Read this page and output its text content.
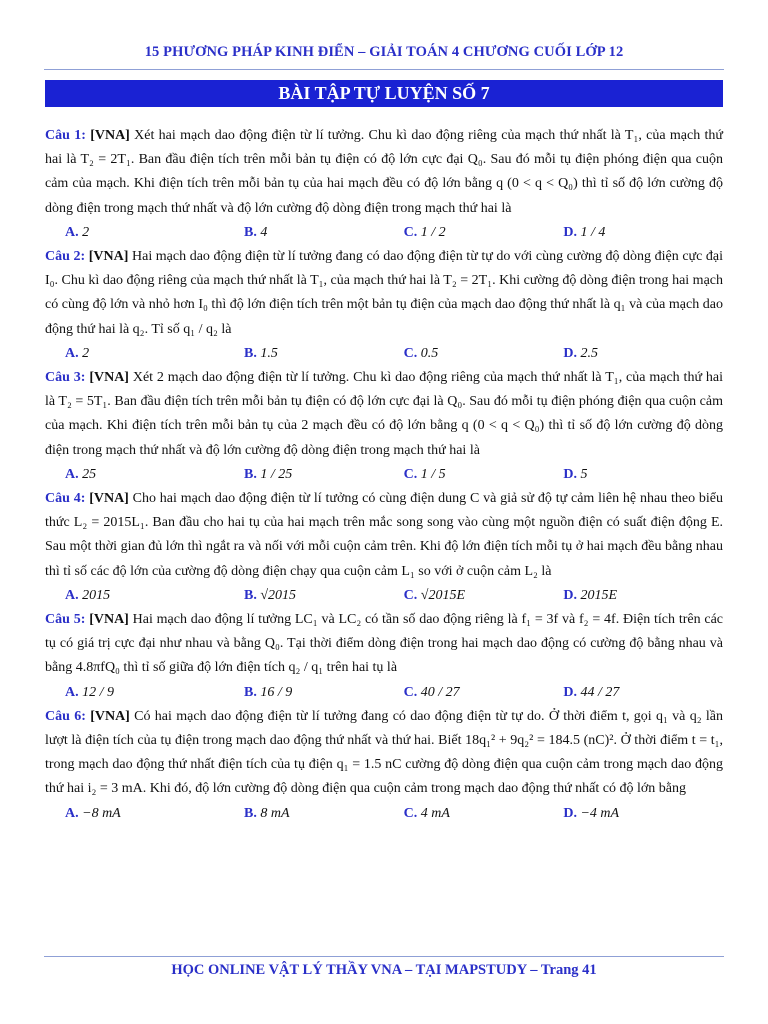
15 PHƯƠNG PHÁP KINH ĐIỂN – GIẢI TOÁN 4 CHƯƠNG CUỐI LỚP 12
BÀI TẬP TỰ LUYỆN SỐ 7

Câu 1: [VNA] Xét hai mạch dao động điện từ lí tưởng. Chu kì dao động riêng của mạch thứ nhất là T₁, của mạch thứ hai là T₂ = 2T₁. Ban đầu điện tích trên mỗi bản tụ điện có độ lớn cực đại Q₀. Sau đó mỗi tụ điện phóng điện qua cuộn cảm của mạch. Khi điện tích trên mỗi bản tụ của hai mạch đều có độ lớn bằng q (0 < q < Q₀) thì tỉ số độ lớn cường độ dòng điện trong mạch thứ nhất và độ lớn cường độ dòng điện trong mạch thứ hai là

A. 2	B. 4	C. 1 / 2	D. 1 / 4

Câu 2: [VNA] Hai mạch dao động điện từ lí tưởng đang có dao động điện từ tự do với cùng cường độ dòng điện cực đại I₀. Chu kì dao động riêng của mạch thứ nhất là T₁, của mạch thứ hai là T₂ = 2T₁. Khi cường độ dòng điện trong hai mạch có cùng độ lớn và nhỏ hơn I₀ thì độ lớn điện tích trên một bản tụ điện của mạch dao động thứ nhất là q₁ và của mạch dao động thứ hai là q₂. Tỉ số q₁ / q₂ là

A. 2	B. 1.5	C. 0.5	D. 2.5

Câu 3: [VNA] Xét 2 mạch dao động điện từ lí tưởng. Chu kì dao động riêng của mạch thứ nhất là T₁, của mạch thứ hai là T₂ = 5T₁. Ban đầu điện tích trên mỗi bản tụ điện có độ lớn cực đại là Q₀. Sau đó mỗi tụ điện phóng điện qua cuộn cảm của mạch. Khi điện tích trên mỗi bản tụ của 2 mạch đều có độ lớn bằng q (0 < q < Q₀) thì tỉ số độ lớn cường độ dòng điện trong mạch thứ nhất và độ lớn cường độ dòng điện trong mạch thứ hai là

A. 25	B. 1 / 25	C. 1 / 5	D. 5

Câu 4: [VNA] Cho hai mạch dao động điện từ lí tưởng có cùng điện dung C và giả sử độ tự cảm liên hệ nhau theo biểu thức L₂ = 2015L₁. Ban đầu cho hai tụ của hai mạch trên mắc song song vào cùng một nguồn điện có suất điện động E. Sau một thời gian đủ lớn thì ngắt ra và nối với mỗi cuộn cảm trên. Khi độ lớn điện tích mỗi tụ ở hai mạch đều bằng nhau thì tỉ số các độ lớn của cường độ dòng điện chạy qua cuộn cảm L₁ so với ở cuộn cảm L₂ là

A. 2015	B. √2015	C. √2015E	D. 2015E

Câu 5: [VNA] Hai mạch dao động lí tưởng LC₁ và LC₂ có tần số dao động riêng là f₁ = 3f và f₂ = 4f. Điện tích trên các tụ có giá trị cực đại như nhau và bằng Q₀. Tại thời điểm dòng điện trong hai mạch dao động có cường độ bằng nhau và bằng 4.8πfQ₀ thì tỉ số giữa độ lớn điện tích q₂ / q₁ trên hai tụ là

A. 12 / 9	B. 16 / 9	C. 40 / 27	D. 44 / 27

Câu 6: [VNA] Có hai mạch dao động điện từ lí tưởng đang có dao động điện từ tự do. Ở thời điểm t, gọi q₁ và q₂ lần lượt là điện tích của tụ điện trong mạch dao động thứ nhất và thứ hai. Biết 18q₁² + 9q₂² = 184.5 (nC)². Ở thời điểm t = t₁, trong mạch dao động thứ nhất điện tích của tụ điện q₁ = 1.5 nC cường độ dòng điện qua cuộn cảm trong mạch dao động thứ hai i₂ = 3 mA. Khi đó, độ lớn cường độ dòng điện qua cuộn cảm trong mạch dao động thứ nhất có độ lớn bằng

A. −8 mA	B. 8 mA	C. 4 mA	D. −4 mA
HỌC ONLINE VẬT LÝ THẦY VNA – TẠI MAPSTUDY – Trang 41
